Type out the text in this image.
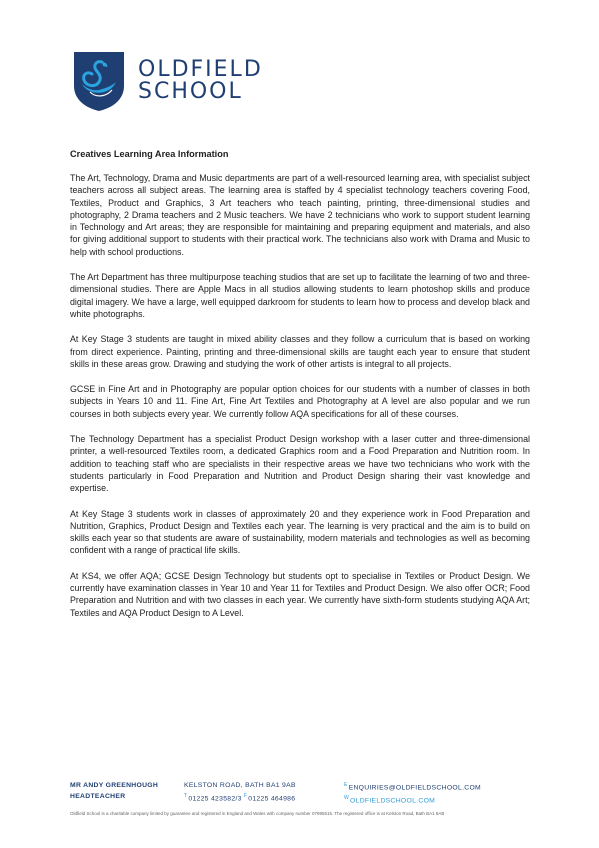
OLDFIELD
SCHOOL
Creatives Learning Area Information

The Art, Technology, Drama and Music departments are part of a well-resourced learning area, with specialist subject teachers across all subject areas. The learning area is staffed by 4 specialist technology teachers covering Food, Textiles, Product and Graphics, 3 Art teachers who teach painting, printing, three-dimensional studies and photography, 2 Drama teachers and 2 Music teachers. We have 2 technicians who work to support student learning in Technology and Art areas; they are responsible for maintaining and preparing equipment and materials, and also for giving additional support to students with their practical work. The technicians also work with Drama and Music to help with school productions.

The Art Department has three multipurpose teaching studios that are set up to facilitate the learning of two and three-dimensional studies. There are Apple Macs in all studios allowing students to learn photoshop skills and produce digital imagery. We have a large, well equipped darkroom for students to learn how to process and develop black and white photographs.

At Key Stage 3 students are taught in mixed ability classes and they follow a curriculum that is based on working from direct experience. Painting, printing and three-dimensional skills are taught each year to ensure that student skills in these areas grow. Drawing and studying the work of other artists is integral to all projects.

GCSE in Fine Art and in Photography are popular option choices for our students with a number of classes in both subjects in Years 10 and 11. Fine Art, Fine Art Textiles and Photography at A level are also popular and we run courses in both subjects every year. We currently follow AQA specifications for all of these courses.

The Technology Department has a specialist Product Design workshop with a laser cutter and three-dimensional printer, a well-resourced Textiles room, a dedicated Graphics room and a Food Preparation and Nutrition room. In addition to teaching staff who are specialists in their respective areas we have two technicians who work with the students particularly in Food Preparation and Nutrition and Product Design sharing their vast knowledge and expertise.

At Key Stage 3 students work in classes of approximately 20 and they experience work in Food Preparation and Nutrition, Graphics, Product Design and Textiles each year. The learning is very practical and the aim is to build on skills each year so that students are aware of sustainability, modern materials and technologies as well as becoming confident with a range of practical life skills.

At KS4, we offer AQA; GCSE Design Technology but students opt to specialise in Textiles or Product Design. We currently have examination classes in Year 10 and Year 11 for Textiles and Product Design. We also offer OCR; Food Preparation and Nutrition and with two classes in each year. We currently have sixth-form students studying AQA Art; Textiles and AQA Product Design to A Level.

MR ANDY GREENHOUGH
HEADTEACHER
KELSTON ROAD, BATH BA1 9AB
$^T$01225 423582/3 $^F$01225 464986
$^E$ENQUIRIES@OLDFIELDSCHOOL.COM
$^W$OLDFIELDSCHOOL.COM
Oldfield School is a charitable company limited by guarantee and registered in England and Wales with company number 07995515. The registered office is at Kelston Road, Bath BA1 9AB
